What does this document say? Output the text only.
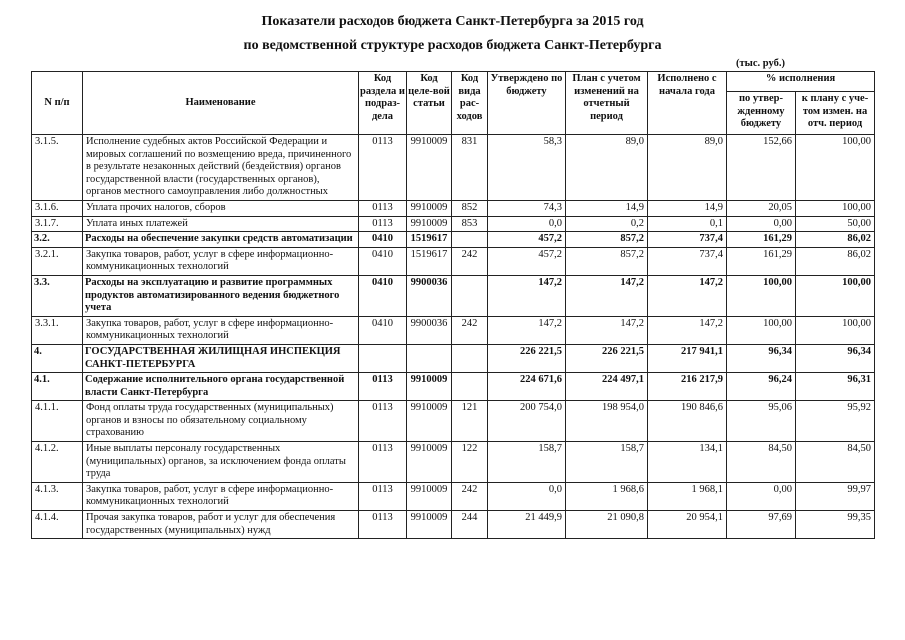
Показатели расходов бюджета Санкт-Петербурга за 2015 год
по ведомственной структуре расходов бюджета Санкт-Петербурга
(тыс. руб.)
N п/п	Наименование	Код раздела и подраз-дела	Код целе-вой статьи	Код вида рас-ходов	Утверждено по бюджету	План с учетом изменений на отчетный период	Исполнено с начала года	% исполнения	
								по утвер-жденному бюджету	к плану с уче-том измен. на отч. период
3.1.5.	Исполнение судебных актов Российской Федерации и мировых соглашений по возмещению вреда, причиненного в результате незаконных действий (бездействия) органов государственной власти (государственных органов), органов местного самоуправления либо должностных	0113	9910009	831	58,3	89,0	89,0	152,66	100,00
3.1.6.	Уплата прочих налогов, сборов	0113	9910009	852	74,3	14,9	14,9	20,05	100,00
3.1.7.	Уплата иных платежей	0113	9910009	853	0,0	0,2	0,1	0,00	50,00
3.2.	Расходы на обеспечение закупки средств автоматизации	0410	1519617		457,2	857,2	737,4	161,29	86,02
3.2.1.	Закупка товаров, работ, услуг в сфере информационно-коммуникационных технологий	0410	1519617	242	457,2	857,2	737,4	161,29	86,02
3.3.	Расходы на эксплуатацию и развитие программных продуктов автоматизированного ведения бюджетного учета	0410	9900036		147,2	147,2	147,2	100,00	100,00
3.3.1.	Закупка товаров, работ, услуг в сфере информационно-коммуникационных технологий	0410	9900036	242	147,2	147,2	147,2	100,00	100,00
4.	ГОСУДАРСТВЕННАЯ ЖИЛИЩНАЯ ИНСПЕКЦИЯ САНКТ-ПЕТЕРБУРГА				226 221,5	226 221,5	217 941,1	96,34	96,34
4.1.	Содержание исполнительного органа государственной власти Санкт-Петербурга	0113	9910009		224 671,6	224 497,1	216 217,9	96,24	96,31
4.1.1.	Фонд оплаты труда государственных (муниципальных) органов и взносы по обязательному социальному страхованию	0113	9910009	121	200 754,0	198 954,0	190 846,6	95,06	95,92
4.1.2.	Иные выплаты персоналу государственных (муниципальных) органов, за исключением фонда оплаты труда	0113	9910009	122	158,7	158,7	134,1	84,50	84,50
4.1.3.	Закупка товаров, работ, услуг в сфере информационно-коммуникационных технологий	0113	9910009	242	0,0	1 968,6	1 968,1	0,00	99,97
4.1.4.	Прочая закупка товаров, работ и услуг для обеспечения государственных (муниципальных) нужд	0113	9910009	244	21 449,9	21 090,8	20 954,1	97,69	99,35
